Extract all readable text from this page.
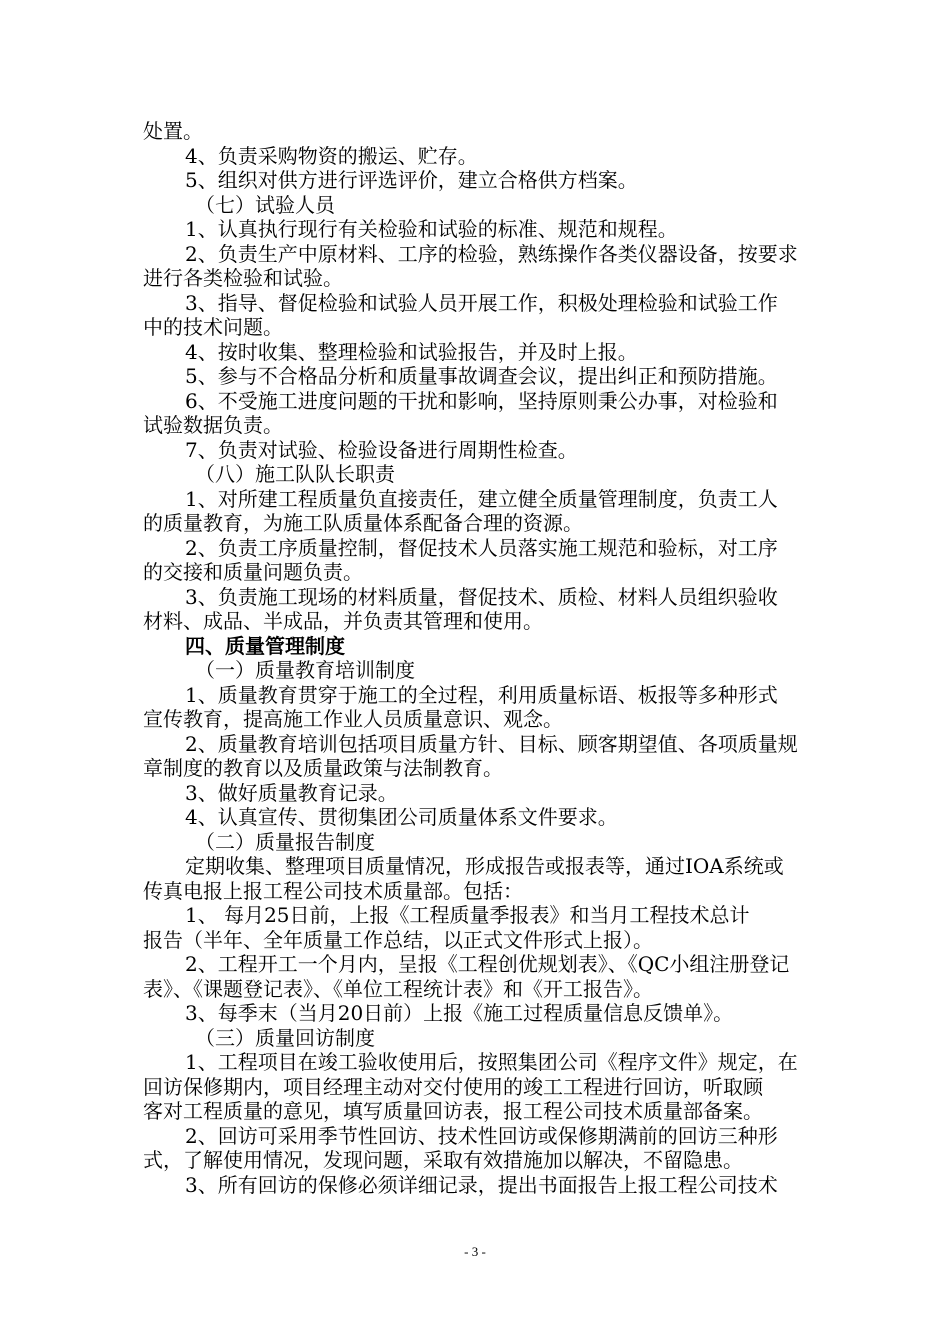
处置。
4、负责采购物资的搬运、贮存。
5、组织对供方进行评选评价，建立合格供方档案。
（七）试验人员
1、认真执行现行有关检验和试验的标准、规范和规程。
2、负责生产中原材料、工序的检验，熟练操作各类仪器设备，按要求
进行各类检验和试验。
3、指导、督促检验和试验人员开展工作，积极处理检验和试验工作
中的技术问题。
4、按时收集、整理检验和试验报告，并及时上报。
5、参与不合格品分析和质量事故调查会议，提出纠正和预防措施。
6、不受施工进度问题的干扰和影响，坚持原则秉公办事，对检验和
试验数据负责。
7、负责对试验、检验设备进行周期性检查。
（八）施工队队长职责
1、对所建工程质量负直接责任，建立健全质量管理制度，负责工人
的质量教育，为施工队质量体系配备合理的资源。
2、负责工序质量控制，督促技术人员落实施工规范和验标，对工序
的交接和质量问题负责。
3、负责施工现场的材料质量，督促技术、质检、材料人员组织验收
材料、成品、半成品，并负责其管理和使用。
四、质量管理制度
（一）质量教育培训制度
1、质量教育贯穿于施工的全过程，利用质量标语、板报等多种形式
宣传教育，提高施工作业人员质量意识、观念。
2、质量教育培训包括项目质量方针、目标、顾客期望值、各项质量规
章制度的教育以及质量政策与法制教育。
3、做好质量教育记录。
4、认真宣传、贯彻集团公司质量体系文件要求。
（二）质量报告制度
定期收集、整理项目质量情况，形成报告或报表等，通过IOA系统或
传真电报上报工程公司技术质量部。包括：
1、 每月25日前，上报《工程质量季报表》和当月工程技术总计
报告（半年、全年质量工作总结，以正式文件形式上报）。
2、工程开工一个月内，呈报《工程创优规划表》、《QC小组注册登记
表》、《课题登记表》、《单位工程统计表》和《开工报告》。
3、每季末（当月20日前）上报《施工过程质量信息反馈单》。
（三）质量回访制度
1、工程项目在竣工验收使用后，按照集团公司《程序文件》规定，在
回访保修期内，项目经理主动对交付使用的竣工工程进行回访，听取顾
客对工程质量的意见，填写质量回访表，报工程公司技术质量部备案。
2、回访可采用季节性回访、技术性回访或保修期满前的回访三种形
式，了解使用情况，发现问题，采取有效措施加以解决，不留隐患。
3、所有回访的保修必须详细记录，提出书面报告上报工程公司技术
- 3 -
